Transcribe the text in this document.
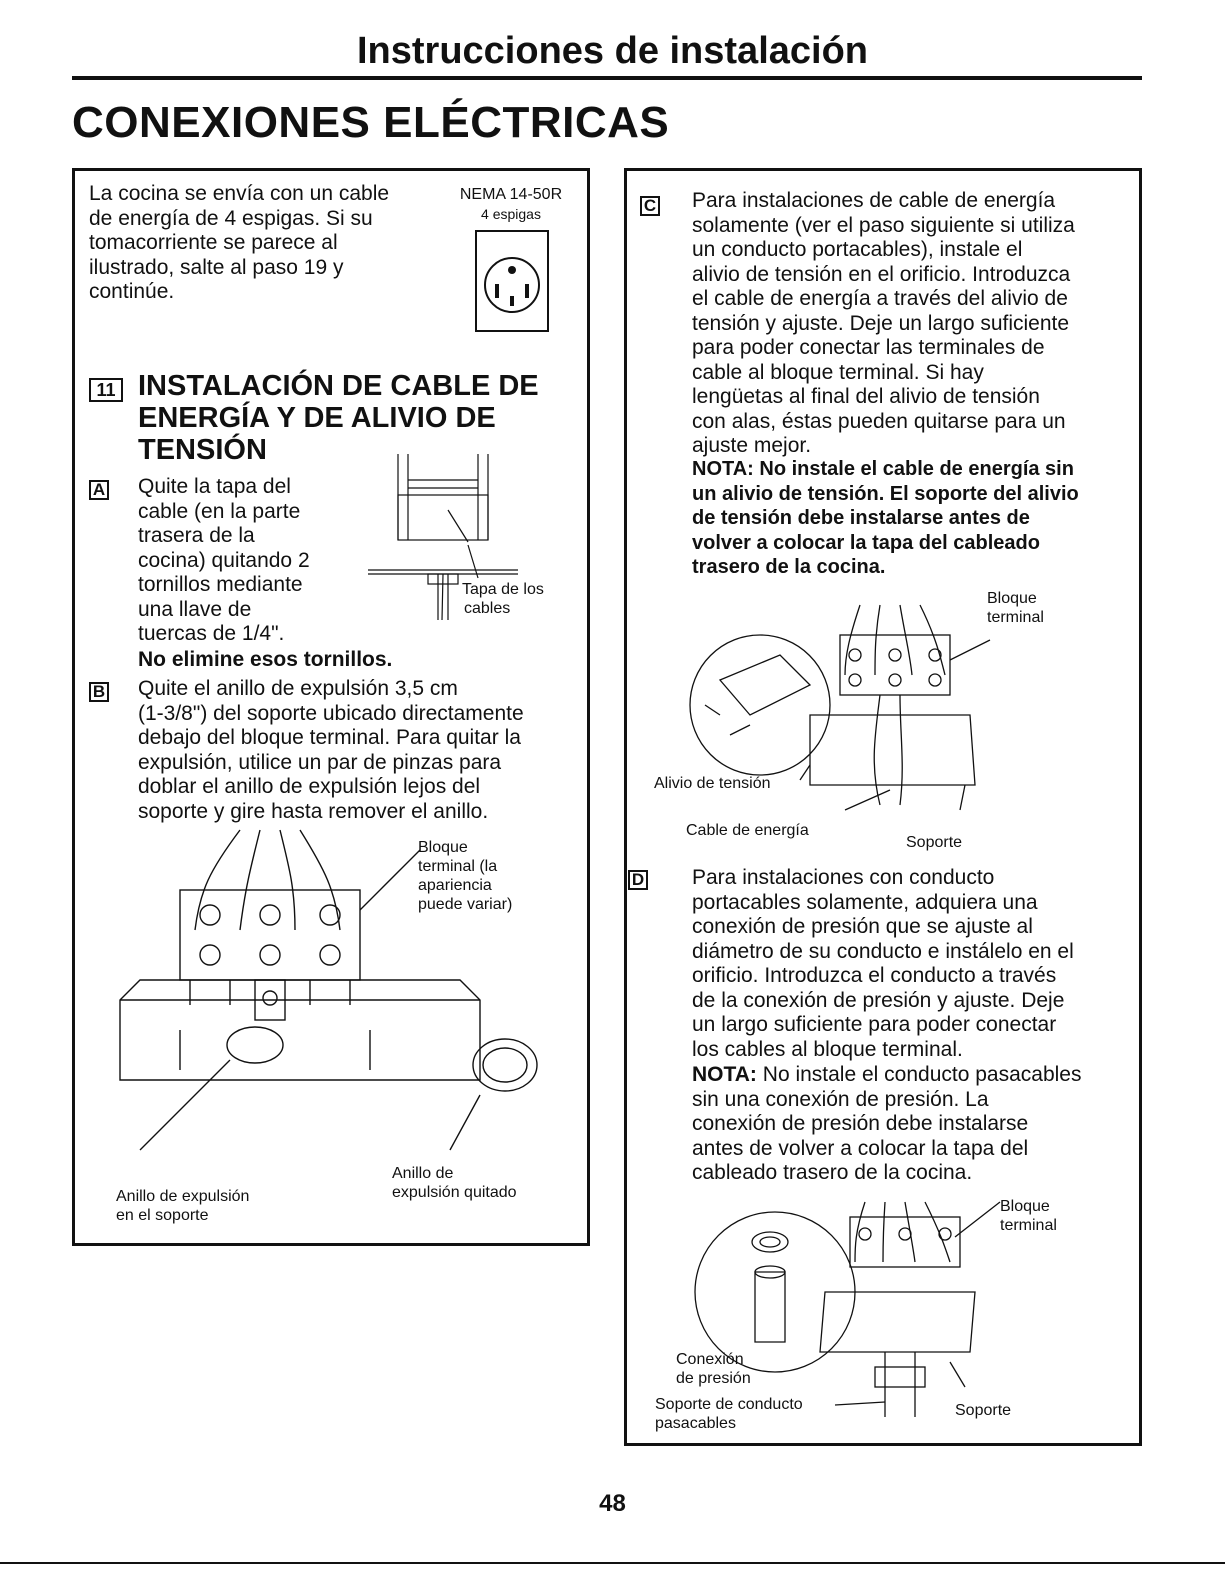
Instrucciones de instalación
CONEXIONES ELÉCTRICAS
La cocina se envía con un cable
de energía de 4 espigas. Si su
tomacorriente se parece al
ilustrado, salte al paso 19 y
continúe.
NEMA 14-50R
4 espigas
11 INSTALACIÓN DE CABLE DE
ENERGÍA Y DE ALIVIO DE
TENSIÓN
A Quite la tapa del
cable (en la parte
trasera de la
cocina) quitando 2
tornillos mediante
una llave de
tuercas de 1/4".
No elimine esos tornillos.
Tapa de los
cables
B Quite el anillo de expulsión 3,5 cm
(1-3/8") del soporte ubicado directamente
debajo del bloque terminal. Para quitar la
expulsión, utilice un par de pinzas para
doblar el anillo de expulsión lejos del
soporte y gire hasta remover el anillo.
Bloque
terminal (la
apariencia
puede variar)
Anillo de expulsión
en el soporte
Anillo de
expulsión quitado
C Para instalaciones de cable de energía
solamente (ver el paso siguiente si utiliza
un conducto portacables), instale el
alivio de tensión en el orificio. Introduzca
el cable de energía a través del alivio de
tensión y ajuste. Deje un largo suficiente
para poder conectar las terminales de
cable al bloque terminal. Si hay
lengüetas al final del alivio de tensión
con alas, éstas pueden quitarse para un
ajuste mejor.
NOTA: No instale el cable de energía sin
un alivio de tensión. El soporte del alivio
de tensión debe instalarse antes de
volver a colocar la tapa del cableado
trasero de la cocina.
Bloque
terminal
Alivio de tensión
Cable de energía
Soporte
D Para instalaciones con conducto
portacables solamente, adquiera una
conexión de presión que se ajuste al
diámetro de su conducto e instálelo en el
orificio. Introduzca el conducto a través
de la conexión de presión y ajuste. Deje
un largo suficiente para poder conectar
los cables al bloque terminal.
NOTA: No instale el conducto pasacables
sin una conexión de presión. La
conexión de presión debe instalarse
antes de volver a colocar la tapa del
cableado trasero de la cocina.
Bloque
terminal
Conexión
de presión
Soporte de conducto
pasacables
Soporte
48
